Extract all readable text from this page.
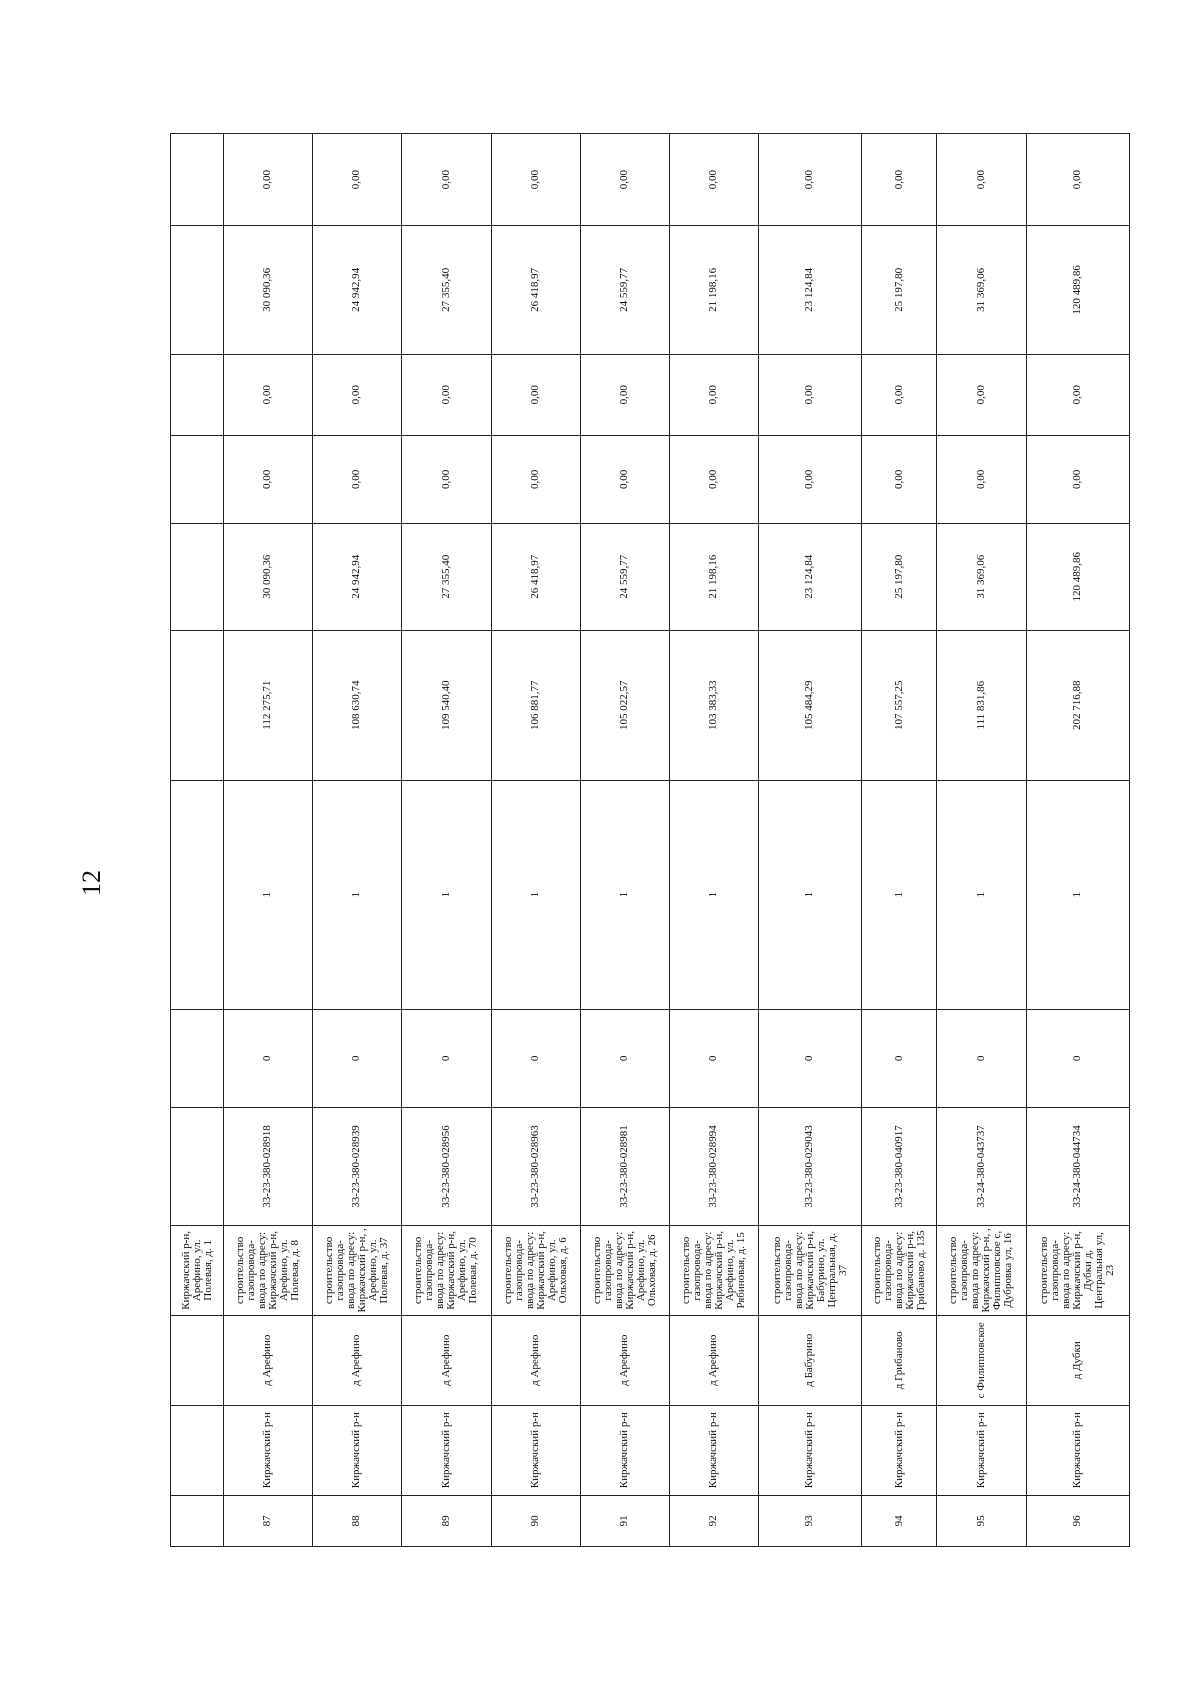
12
			Киржачский р-н, Арефино, ул. Полевая, д. 1									
87	Киржачский р-н	д Арефино	строительство газопровода-ввода по адресу: Киржачский р-н, Арефино, ул. Полевая, д. 8	33-23-380-028918	0	1	112 275,71	30 090,36	0,00	0,00	30 090,36	0,00
88	Киржачский р-н	д Арефино	строительство газопровода-ввода по адресу: Киржачский р-н, , Арефино, ул. Полевая, д. 37	33-23-380-028939	0	1	108 630,74	24 942,94	0,00	0,00	24 942,94	0,00
89	Киржачский р-н	д Арефино	строительство газопровода-ввода по адресу: Киржачский р-н, Арефино, ул. Полевая, д. 70	33-23-380-028956	0	1	109 540,40	27 355,40	0,00	0,00	27 355,40	0,00
90	Киржачский р-н	д Арефино	строительство газопровода-ввода по адресу: Киржачский р-н, Арефино, ул. Ольховая, д. 6	33-23-380-028963	0	1	106 881,77	26 418,97	0,00	0,00	26 418,97	0,00
91	Киржачский р-н	д Арефино	строительство газопровода-ввода по адресу: Киржачский р-н, Арефино, ул. Ольховая, д. 26	33-23-380-028981	0	1	105 022,57	24 559,77	0,00	0,00	24 559,77	0,00
92	Киржачский р-н	д Арефино	строительство газопровода-ввода по адресу: Киржачский р-н, Арефино, ул. Рябиновая, д. 15	33-23-380-028994	0	1	103 383,33	21 198,16	0,00	0,00	21 198,16	0,00
93	Киржачский р-н	д Бабурино	строительство газопровода-ввода по адресу: Киржачский р-н, Бабурино, ул. Центральная, д. 37	33-23-380-029043	0	1	105 484,29	23 124,84	0,00	0,00	23 124,84	0,00
94	Киржачский р-н	д Грибаново	строительство газопровода-ввода по адресу: Киржачский р-н, Грибаново д. 135	33-23-380-040917	0	1	107 557,25	25 197,80	0,00	0,00	25 197,80	0,00
95	Киржачский р-н	с Филипповское	строительство газопровода-ввода по адресу: Киржачский р-н, , Филипповское с, Дубровка ул, 16	33-24-380-043737	0	1	111 831,86	31 369,06	0,00	0,00	31 369,06	0,00
96	Киржачский р-н	д Дубки	строительство газопровода-ввода по адресу: Киржачский р-н, Дубки д, Центральная ул, 23	33-24-380-044734	0	1	202 716,88	120 489,86	0,00	0,00	120 489,86	0,00
